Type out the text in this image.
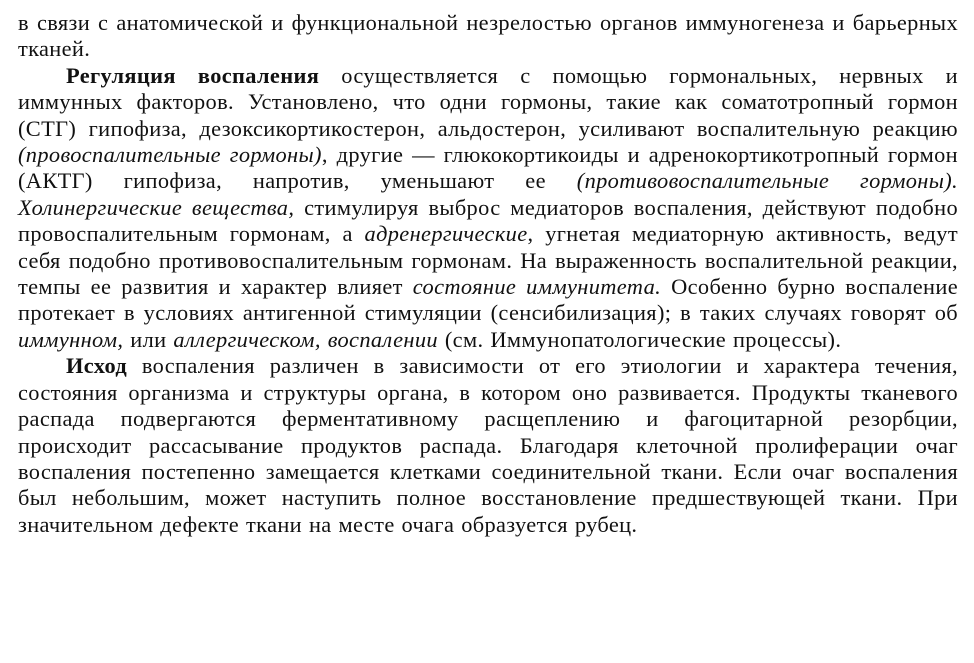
в связи с анатомической и функциональной незрелостью органов иммуногенеза и барьерных тканей.

Регуляция воспаления осуществляется с помощью гормональных, нервных и иммунных факторов. Установлено, что одни гормоны, такие как соматотропный гормон (СТГ) гипофиза, дезоксикортикостерон, альдостерон, усиливают воспалительную реакцию (провоспалительные гормоны), другие — глюкокортикоиды и адренокортикотропный гормон (АКТГ) гипофиза, напротив, уменьшают ее (противовоспалительные гормоны). Холинергические вещества, стимулируя выброс медиаторов воспаления, действуют подобно провоспалительным гормонам, а адренергические, угнетая медиаторную активность, ведут себя подобно противовоспалительным гормонам. На выраженность воспалительной реакции, темпы ее развития и характер влияет состояние иммунитета. Особенно бурно воспаление протекает в условиях антигенной стимуляции (сенсибилизация); в таких случаях говорят об иммунном, или аллергическом, воспалении (см. Иммунопатологические процессы).

Исход воспаления различен в зависимости от его этиологии и характера течения, состояния организма и структуры органа, в котором оно развивается. Продукты тканевого распада подвергаются ферментативному расщеплению и фагоцитарной резорбции, происходит рассасывание продуктов распада. Благодаря клеточной пролиферации очаг воспаления постепенно замещается клетками соединительной ткани. Если очаг воспаления был небольшим, может наступить полное восстановление предшествующей ткани. При значительном дефекте ткани на месте очага образуется рубец.
